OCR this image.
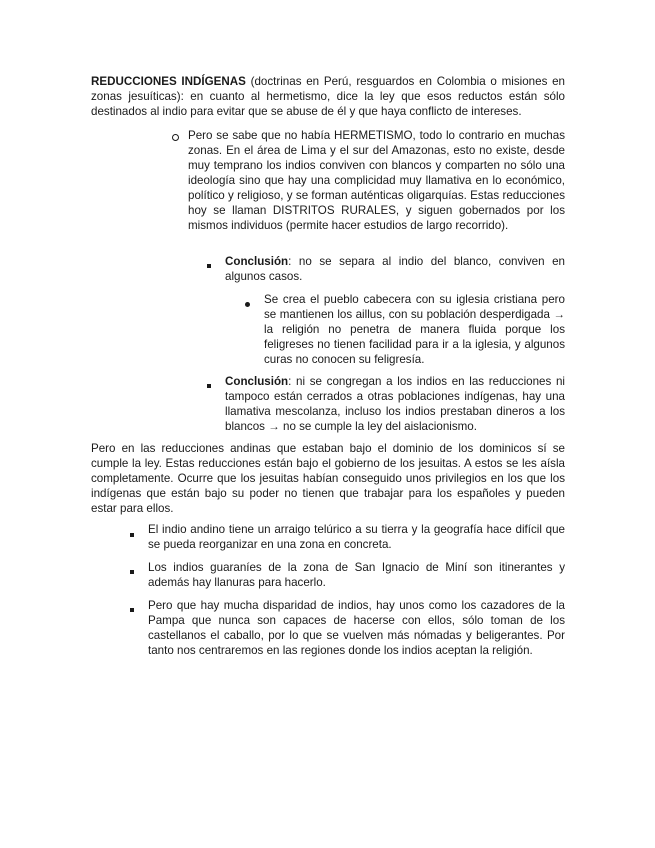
REDUCCIONES INDÍGENAS (doctrinas en Perú, resguardos en Colombia o misiones en zonas jesuíticas): en cuanto al hermetismo, dice la ley que esos reductos están sólo destinados al indio para evitar que se abuse de él y que haya conflicto de intereses.

Pero se sabe que no había HERMETISMO, todo lo contrario en muchas zonas. En el área de Lima y el sur del Amazonas, esto no existe, desde muy temprano los indios conviven con blancos y comparten no sólo una ideología sino que hay una complicidad muy llamativa en lo económico, político y religioso, y se forman auténticas oligarquías. Estas reducciones hoy se llaman DISTRITOS RURALES, y siguen gobernados por los mismos individuos (permite hacer estudios de largo recorrido).

Conclusión: no se separa al indio del blanco, conviven en algunos casos.

Se crea el pueblo cabecera con su iglesia cristiana pero se mantienen los aillus, con su población desperdigada → la religión no penetra de manera fluida porque los feligreses no tienen facilidad para ir a la iglesia, y algunos curas no conocen su feligresía.

Conclusión: ni se congregan a los indios en las reducciones ni tampoco están cerrados a otras poblaciones indígenas, hay una llamativa mescolanza, incluso los indios prestaban dineros a los blancos → no se cumple la ley del aislacionismo.

Pero en las reducciones andinas que estaban bajo el dominio de los dominicos sí se cumple la ley. Estas reducciones están bajo el gobierno de los jesuitas. A estos se les aísla completamente. Ocurre que los jesuitas habían conseguido unos privilegios en los que los indígenas que están bajo su poder no tienen que trabajar para los españoles y pueden estar para ellos.

El indio andino tiene un arraigo telúrico a su tierra y la geografía hace difícil que se pueda reorganizar en una zona en concreta.

Los indios guaraníes de la zona de San Ignacio de Miní son itinerantes y además hay llanuras para hacerlo.

Pero que hay mucha disparidad de indios, hay unos como los cazadores de la Pampa que nunca son capaces de hacerse con ellos, sólo toman de los castellanos el caballo, por lo que se vuelven más nómadas y beligerantes. Por tanto nos centraremos en las regiones donde los indios aceptan la religión.
